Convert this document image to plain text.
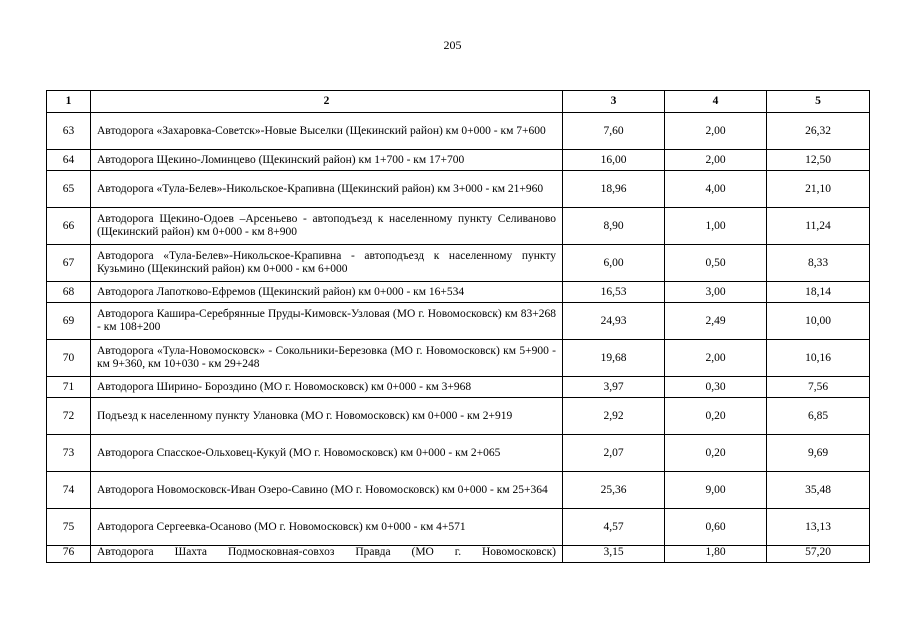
205
1	2	3	4	5
63	Автодорога «Захаровка-Советск»-Новые Выселки (Щекинский район) км 0+000 - км 7+600	7,60	2,00	26,32
64	Автодорога Щекино-Ломинцево (Щекинский район) км 1+700 - км 17+700	16,00	2,00	12,50
65	Автодорога «Тула-Белев»-Никольское-Крапивна (Щекинский район) км 3+000 - км 21+960	18,96	4,00	21,10
66	Автодорога Щекино-Одоев –Арсеньево - автоподъезд к населенному пункту Селиваново (Щекинский район) км 0+000 - км 8+900	8,90	1,00	11,24
67	Автодорога «Тула-Белев»-Никольское-Крапивна - автоподъезд к населенному пункту Кузьмино (Щекинский район) км 0+000 - км 6+000	6,00	0,50	8,33
68	Автодорога Лапотково-Ефремов (Щекинский район) км 0+000 - км 16+534	16,53	3,00	18,14
69	Автодорога Кашира-Серебрянные Пруды-Кимовск-Узловая (МО г. Новомосковск) км 83+268 - км 108+200	24,93	2,49	10,00
70	Автодорога «Тула-Новомосковск» - Сокольники-Березовка (МО г. Новомосковск) км 5+900 - км 9+360, км 10+030 - км 29+248	19,68	2,00	10,16
71	Автодорога Ширино- Бороздино (МО г. Новомосковск) км 0+000 - км 3+968	3,97	0,30	7,56
72	Подъезд к населенному пункту Улановка (МО г. Новомосковск) км 0+000 - км 2+919	2,92	0,20	6,85
73	Автодорога Спасское-Ольховец-Кукуй (МО г. Новомосковск) км 0+000 - км 2+065	2,07	0,20	9,69
74	Автодорога Новомосковск-Иван Озеро-Савино (МО г. Новомосковск) км 0+000 - км 25+364	25,36	9,00	35,48
75	Автодорога Сергеевка-Осаново (МО г. Новомосковск) км 0+000 - км 4+571	4,57	0,60	13,13
76	Автодорога Шахта Подмосковная-совхоз Правда (МО г. Новомосковск)	3,15	1,80	57,20
